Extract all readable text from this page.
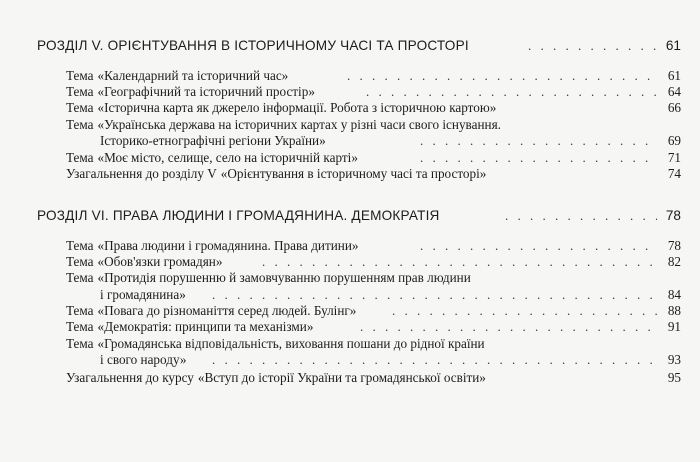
РОЗДІЛ V. ОРІЄНТУВАННЯ В ІСТОРИЧНОМУ ЧАСІ ТА ПРОСТОРІ . . .	61
Тема «Календарний та історичний час» . . .	61
Тема «Географічний та історичний простір» . . .	64
Тема «Історична карта як джерело інформації. Робота з історичною картою»	66
Тема «Українська держава на історичних картах у різні часи свого існування.
Історико-етнографічні регіони України» . . .	69
Тема «Моє місто, селище, село на історичній карті» . . .	71
Узагальнення до розділу V «Орієнтування в історичному часі та просторі»	74
РОЗДІЛ VI. ПРАВА ЛЮДИНИ І ГРОМАДЯНИНА. ДЕМОКРАТІЯ . . .	78
Тема «Права людини і громадянина. Права дитини» . . .	78
Тема «Обов'язки громадян» . . .	82
Тема «Протидія порушенню й замовчуванню порушенням прав людини
і громадянина» . . .	84
Тема «Повага до різноманіття серед людей. Булінг» . . .	88
Тема «Демократія: принципи та механізми» . . .	91
Тема «Громадянська відповідальність, виховання пошани до рідної країни
і свого народу» . . .	93
Узагальнення до курсу «Вступ до історії України та громадянської освіти»	95
